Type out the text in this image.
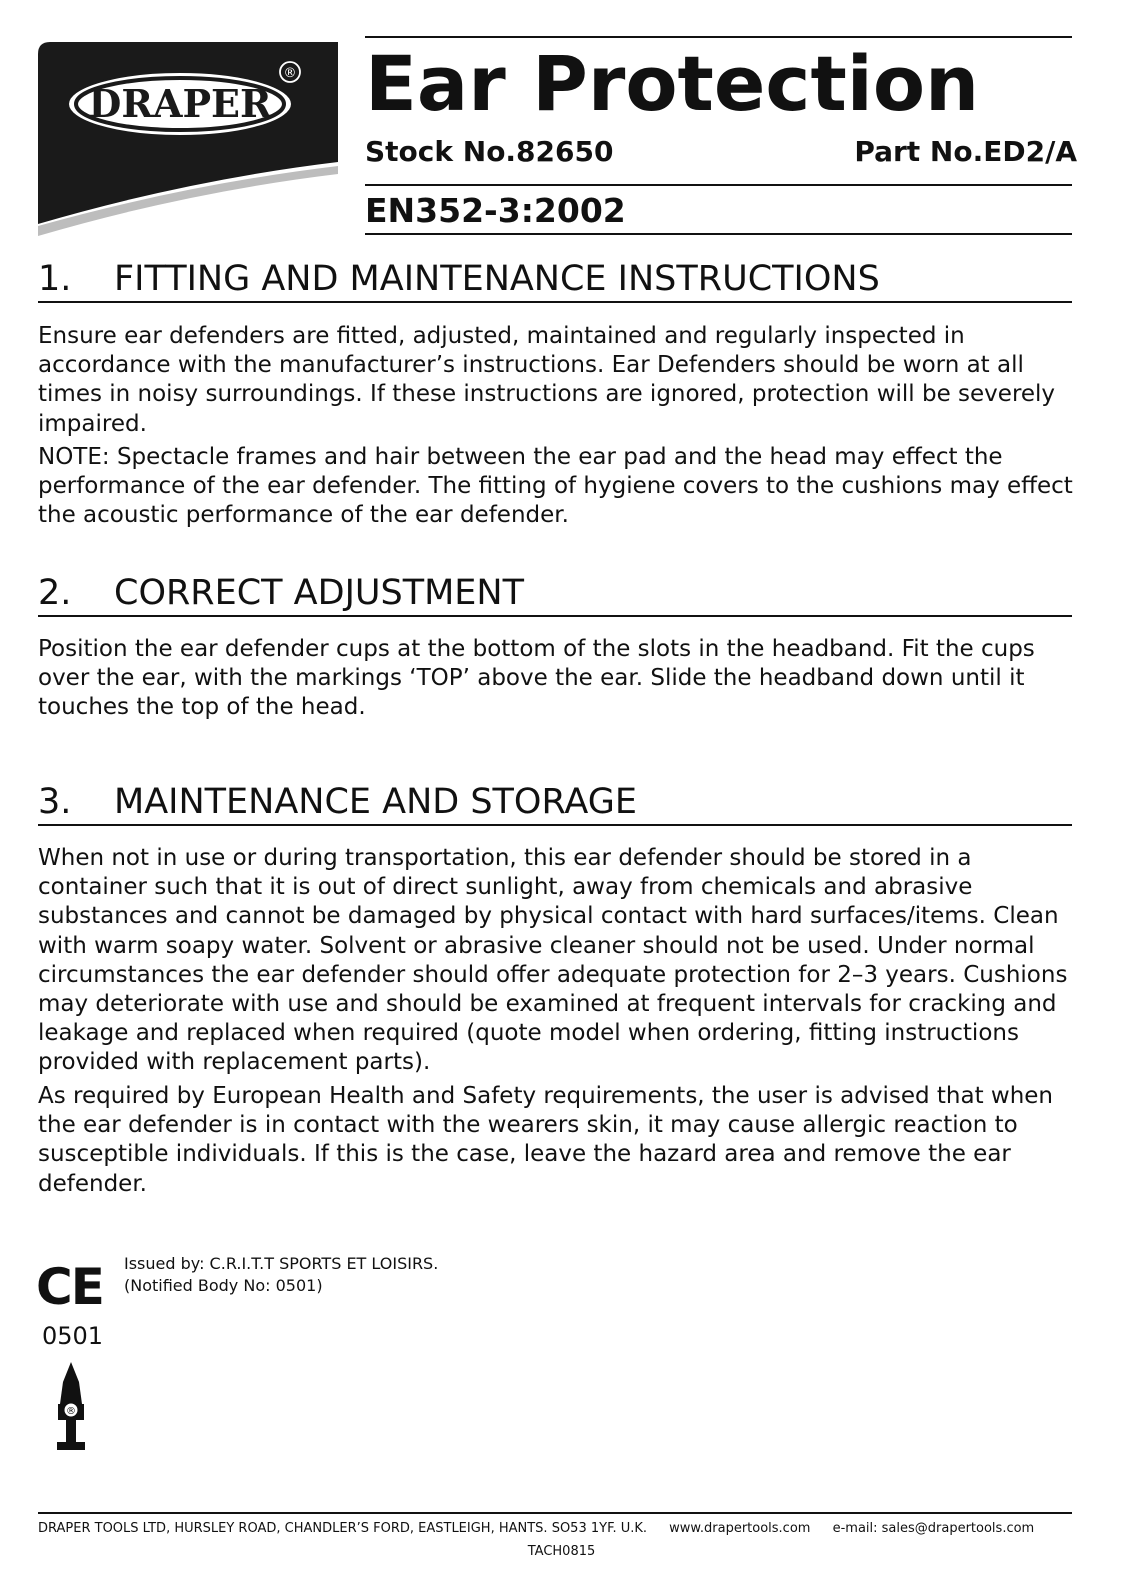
DRAPER
® Ear Protection
Stock No.82650	Part No.ED2/A
EN352-3:2002
1. FITTING AND MAINTENANCE INSTRUCTIONS

Ensure ear defenders are fitted, adjusted, maintained and regularly inspected in accordance with the manufacturer’s instructions. Ear Defenders should be worn at all times in noisy surroundings. If these instructions are ignored, protection will be severely impaired.

NOTE: Spectacle frames and hair between the ear pad and the head may effect the performance of the ear defender. The fitting of hygiene covers to the cushions may effect the acoustic performance of the ear defender.

2. CORRECT ADJUSTMENT

Position the ear defender cups at the bottom of the slots in the headband. Fit the cups over the ear, with the markings ‘TOP’ above the ear. Slide the headband down until it touches the top of the head.

3. MAINTENANCE AND STORAGE

When not in use or during transportation, this ear defender should be stored in a container such that it is out of direct sunlight, away from chemicals and abrasive substances and cannot be damaged by physical contact with hard surfaces/items. Clean with warm soapy water. Solvent or abrasive cleaner should not be used. Under normal circumstances the ear defender should offer adequate protection for 2–3 years. Cushions may deteriorate with use and should be examined at frequent intervals for cracking and leakage and replaced when required (quote model when ordering, fitting instructions provided with replacement parts).

As required by European Health and Safety requirements, the user is advised that when the ear defender is in contact with the wearers skin, it may cause allergic reaction to susceptible individuals. If this is the case, leave the hazard area and remove the ear defender.

CE
0501
Issued by: C.R.I.T.T SPORTS ET LOISIRS.
(Notified Body No: 0501)
®
DRAPER TOOLS LTD, HURSLEY ROAD, CHANDLER’S FORD, EASTLEIGH, HANTS. SO53 1YF. U.K. www.drapertools.com e-mail: sales@drapertools.com
TACH0815
